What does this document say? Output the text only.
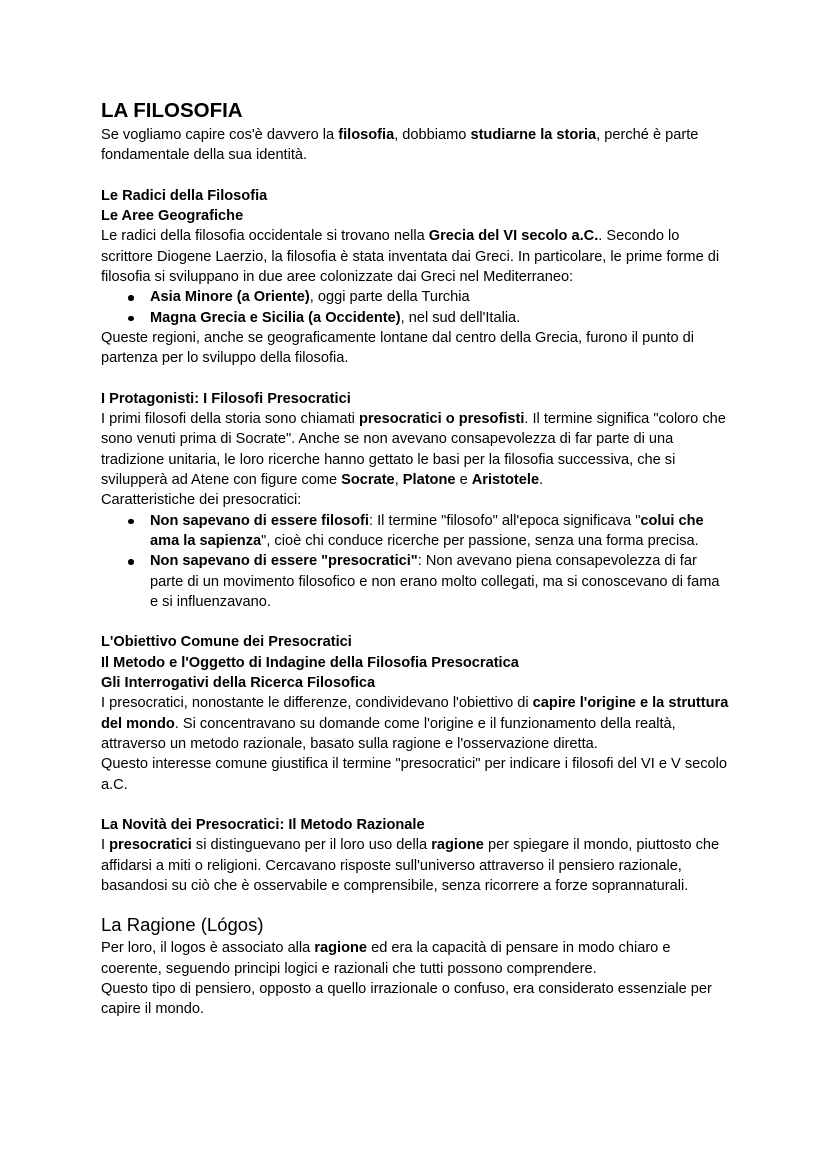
LA FILOSOFIA

Se vogliamo capire cos'è davvero la filosofia, dobbiamo studiarne la storia, perché è parte fondamentale della sua identità.

Le Radici della Filosofia

Le Aree Geografiche

Le radici della filosofia occidentale si trovano nella Grecia del VI secolo a.C.. Secondo lo scrittore Diogene Laerzio, la filosofia è stata inventata dai Greci. In particolare, le prime forme di filosofia si sviluppano in due aree colonizzate dai Greci nel Mediterraneo:

Asia Minore (a Oriente), oggi parte della Turchia
Magna Grecia e Sicilia (a Occidente), nel sud dell'Italia.

Queste regioni, anche se geograficamente lontane dal centro della Grecia, furono il punto di partenza per lo sviluppo della filosofia.

I Protagonisti: I Filosofi Presocratici

I primi filosofi della storia sono chiamati presocratici o presofisti. Il termine significa "coloro che sono venuti prima di Socrate". Anche se non avevano consapevolezza di far parte di una tradizione unitaria, le loro ricerche hanno gettato le basi per la filosofia successiva, che si svilupperà ad Atene con figure come Socrate, Platone e Aristotele.

Caratteristiche dei presocratici:

Non sapevano di essere filosofi: Il termine "filosofo" all'epoca significava "colui che ama la sapienza", cioè chi conduce ricerche per passione, senza una forma precisa.
Non sapevano di essere "presocratici": Non avevano piena consapevolezza di far parte di un movimento filosofico e non erano molto collegati, ma si conoscevano di fama e si influenzavano.

L'Obiettivo Comune dei Presocratici

Il Metodo e l'Oggetto di Indagine della Filosofia Presocratica

Gli Interrogativi della Ricerca Filosofica

I presocratici, nonostante le differenze, condividevano l'obiettivo di capire l'origine e la struttura del mondo. Si concentravano su domande come l'origine e il funzionamento della realtà, attraverso un metodo razionale, basato sulla ragione e l'osservazione diretta.

Questo interesse comune giustifica il termine "presocratici" per indicare i filosofi del VI e V secolo a.C.

La Novità dei Presocratici: Il Metodo Razionale

I presocratici si distinguevano per il loro uso della ragione per spiegare il mondo, piuttosto che affidarsi a miti o religioni. Cercavano risposte sull'universo attraverso il pensiero razionale, basandosi su ciò che è osservabile e comprensibile, senza ricorrere a forze soprannaturali.

La Ragione (Lógos)

Per loro, il logos è associato alla ragione ed era la capacità di pensare in modo chiaro e coerente, seguendo principi logici e razionali che tutti possono comprendere.

Questo tipo di pensiero, opposto a quello irrazionale o confuso, era considerato essenziale per capire il mondo.
